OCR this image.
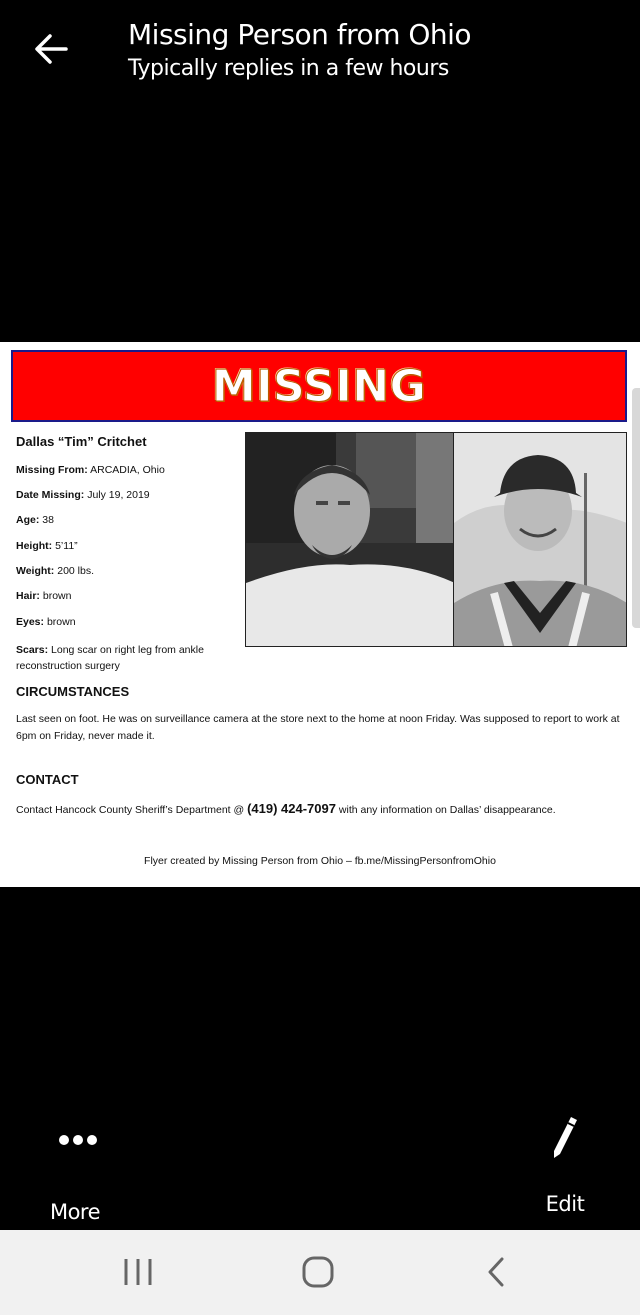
Missing Person from Ohio
Typically replies in a few hours
MISSING
Dallas “Tim” Critchet
Missing From: ARCADIA, Ohio
Date Missing: July 19, 2019
Age: 38
Height: 5’11”
Weight: 200 lbs.
Hair: brown
Eyes: brown
Scars: Long scar on right leg from ankle reconstruction surgery
CIRCUMSTANCES
Last seen on foot. He was on surveillance camera at the store next to the home at noon Friday. Was supposed to report to work at 6pm on Friday, never made it.
CONTACT
Contact Hancock County Sheriff’s Department @ (419) 424-7097 with any information on Dallas’ disappearance.
Flyer created by Missing Person from Ohio – fb.me/MissingPersonfromOhio
More	Edit
